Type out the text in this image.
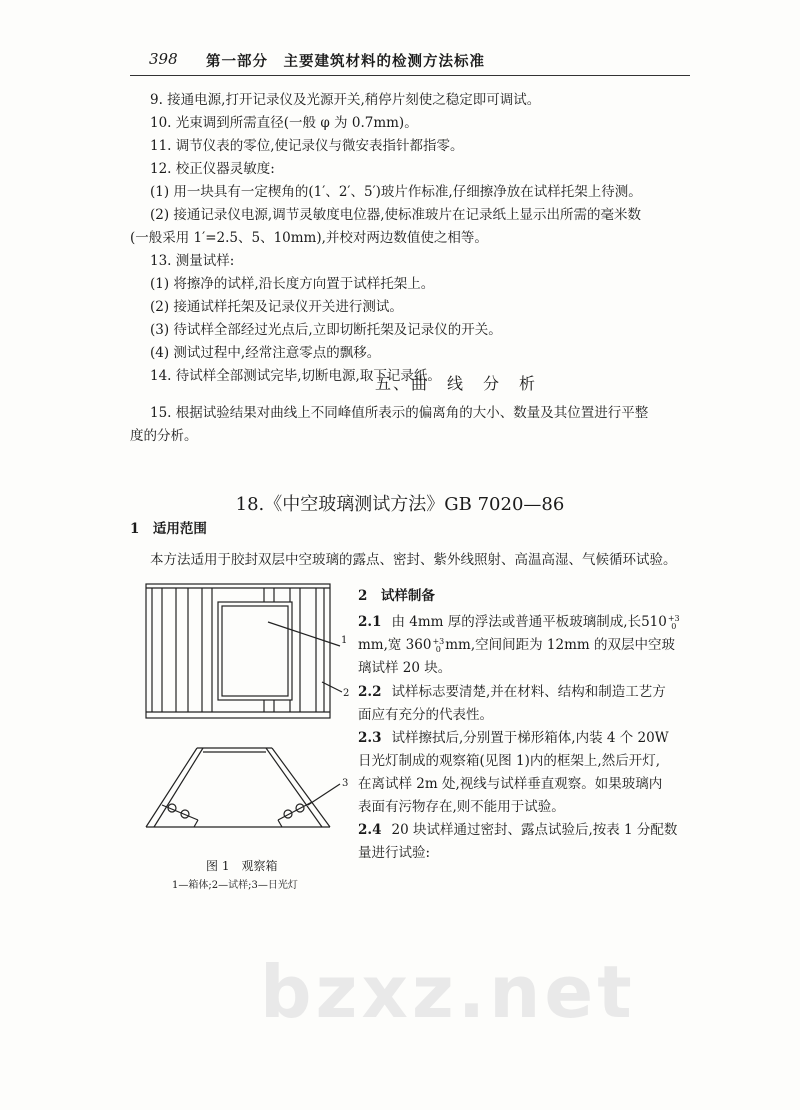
bzxz.net
398 第一部分　主要建筑材料的检测方法标准
9. 接通电源,打开记录仪及光源开关,稍停片刻使之稳定即可调试。
10. 光束调到所需直径(一般 φ 为 0.7mm)。
11. 调节仪表的零位,使记录仪与微安表指针都指零。
12. 校正仪器灵敏度:
(1) 用一块具有一定楔角的(1′、2′、5′)玻片作标准,仔细擦净放在试样托架上待测。
(2) 接通记录仪电源,调节灵敏度电位器,使标准玻片在记录纸上显示出所需的毫米数
(一般采用 1′=2.5、5、10mm),并校对两边数值使之相等。
13. 测量试样:
(1) 将擦净的试样,沿长度方向置于试样托架上。
(2) 接通试样托架及记录仪开关进行测试。
(3) 待试样全部经过光点后,立即切断托架及记录仪的开关。
(4) 测试过程中,经常注意零点的飘移。
14. 待试样全部测试完毕,切断电源,取下记录纸。
五、曲　线　分　析
15. 根据试验结果对曲线上不同峰值所表示的偏离角的大小、数量及其位置进行平整
度的分析。
18.《中空玻璃测试方法》GB 7020—86
1　适用范围
本方法适用于胶封双层中空玻璃的露点、密封、紫外线照射、高温高湿、气候循环试验。
2　试样制备
2.1 由 4mm 厚的浮法或普通平板玻璃制成,长510 +3
0
mm,宽 360 +3
0 mm,空间间距为 12mm 的双层中空玻
璃试样 20 块。
2.2 试样标志要清楚,并在材料、结构和制造工艺方
面应有充分的代表性。
2.3 试样擦拭后,分别置于梯形箱体,内装 4 个 20W
日光灯制成的观察箱(见图 1)内的框架上,然后开灯,
在离试样 2m 处,视线与试样垂直观察。如果玻璃内
表面有污物存在,则不能用于试验。
2.4 20 块试样通过密封、露点试验后,按表 1 分配数
量进行试验:
1
2
3
图 1　观察箱
1—箱体;2—试样;3—日光灯
